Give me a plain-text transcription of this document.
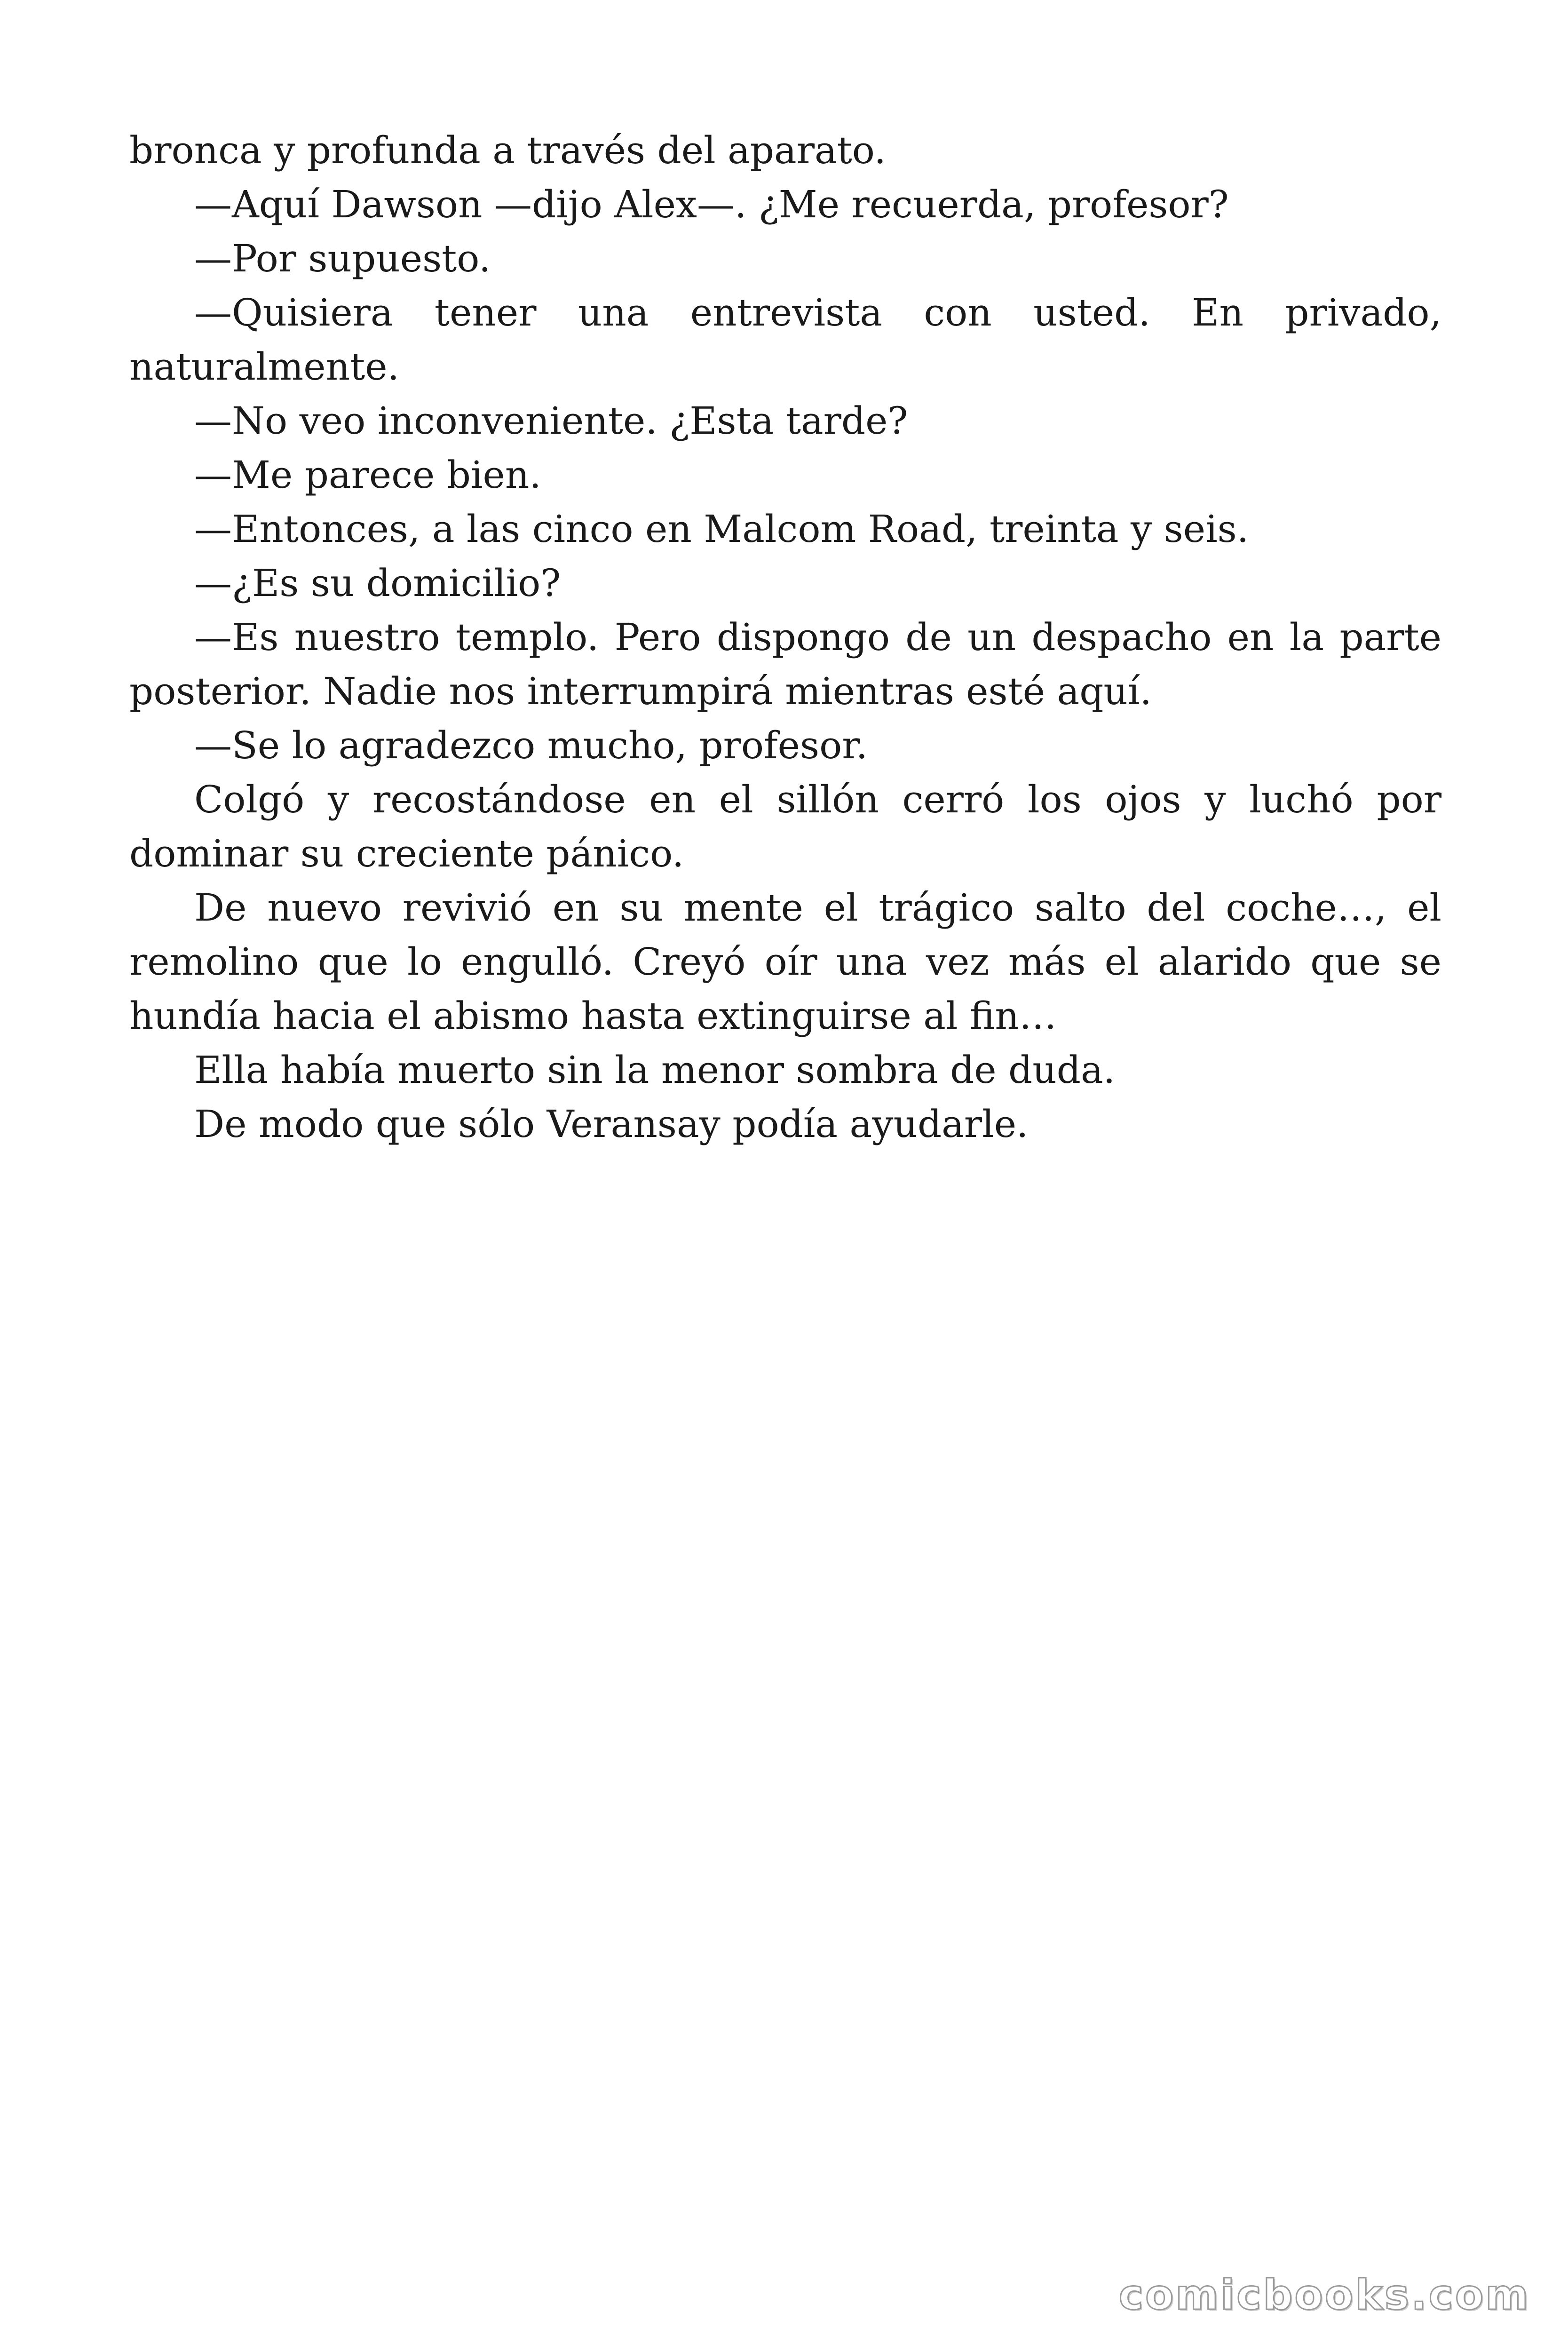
bronca y profunda a través del aparato.

—Aquí Dawson —dijo Alex—. ¿Me recuerda, profesor?

—Por supuesto.

—Quisiera tener una entrevista con usted. En privado, naturalmente.

—No veo inconveniente. ¿Esta tarde?

—Me parece bien.

—Entonces, a las cinco en Malcom Road, treinta y seis.

—¿Es su domicilio?

—Es nuestro templo. Pero dispongo de un despacho en la parte posterior. Nadie nos interrumpirá mientras esté aquí.

—Se lo agradezco mucho, profesor.

Colgó y recostándose en el sillón cerró los ojos y luchó por dominar su creciente pánico.

De nuevo revivió en su mente el trágico salto del coche…, el remolino que lo engulló. Creyó oír una vez más el alarido que se hundía hacia el abismo hasta extinguirse al fin…

Ella había muerto sin la menor sombra de duda.

De modo que sólo Veransay podía ayudarle.

comicbooks.com
